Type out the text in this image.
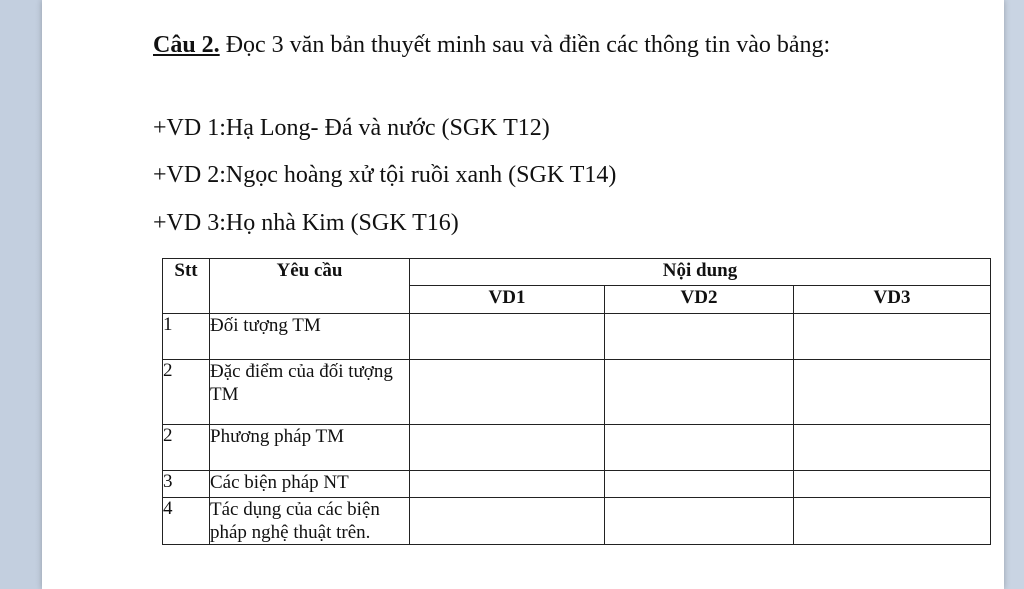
Câu 2. Đọc 3 văn bản thuyết minh sau và điền các thông tin vào bảng:
+VD 1:Hạ Long- Đá và nước (SGK T12)
+VD 2:Ngọc hoàng xử tội ruồi xanh (SGK T14)
+VD 3:Họ nhà Kim (SGK T16)
Stt	Yêu cầu	Nội dung		
		VD1	VD2	VD3
1	Đối tượng TM			
2	Đặc điểm của đối tượng TM			
2	Phương pháp TM			
3	Các biện pháp NT			
4	Tác dụng của các biện pháp nghệ thuật trên.			
